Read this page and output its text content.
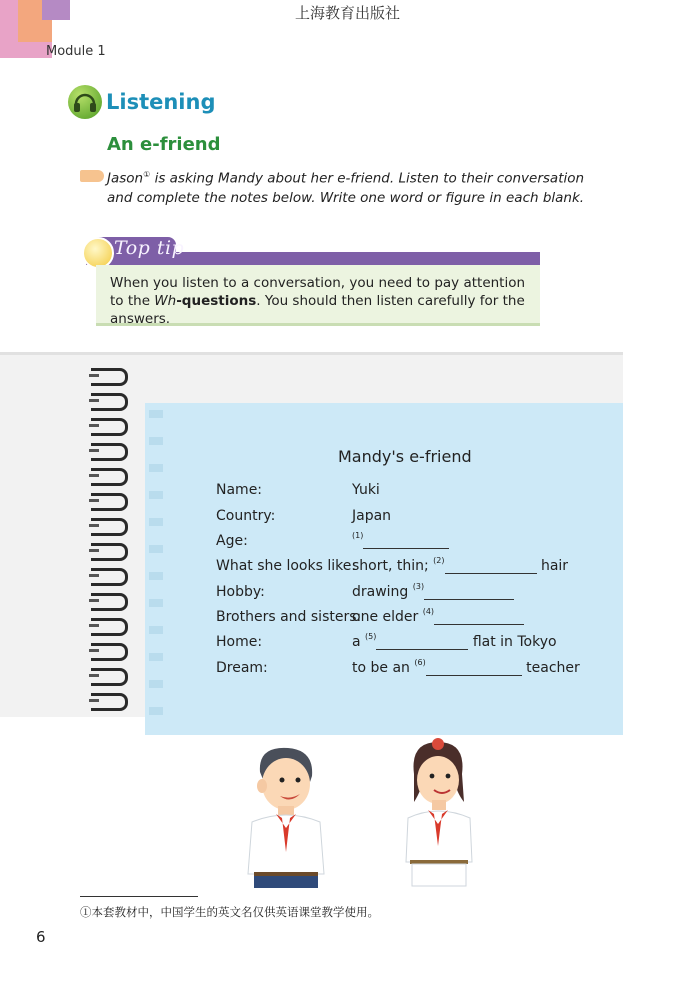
上海教育出版社
Module 1
Listening
An e-friend
Jason① is asking Mandy about her e-friend. Listen to their conversation and complete the notes below. Write one word or figure in each blank.
Top tip
When you listen to a conversation, you need to pay attention to the Wh-questions. You should then listen carefully for the answers.
Mandy's e-friend
Name:	Yuki
Country:	Japan
Age:	$^{(1)}$
What she looks like:
short, thin; $^{(2)}$	hair
Hobby:	drawing $^{(3)}$
Brothers and sisters:
one elder $^{(4)}$
Home:	a $^{(5)}$	flat in Tokyo
Dream:	to be an $^{(6)}$	teacher
①本套教材中，中国学生的英文名仅供英语课堂教学使用。
6
